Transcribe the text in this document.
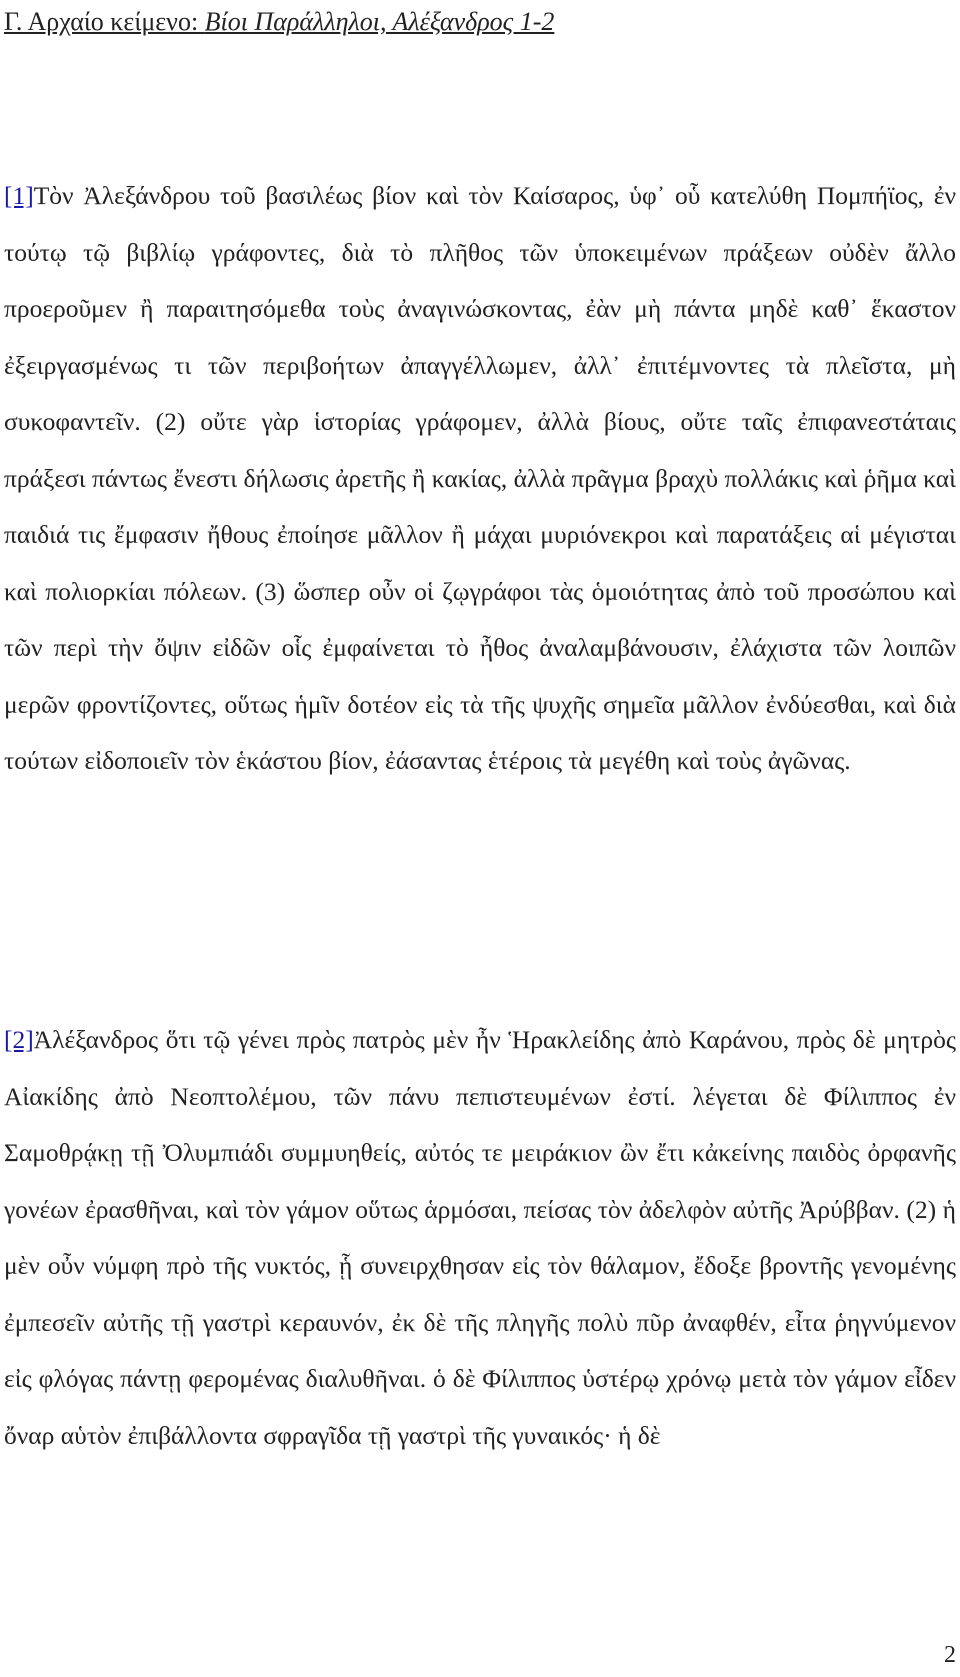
Γ. Αρχαίο κείμενο: Βίοι Παράλληλοι, Αλέξανδρος 1-2

[1]Τὸν Ἀλεξάνδρου τοῦ βασιλέως βίον καὶ τὸν Καίσαρος, ὑφ᾽ οὗ κατελύθη Πομπήϊος, ἐν τούτῳ τῷ βιβλίῳ γράφοντες, διὰ τὸ πλῆθος τῶν ὑποκειμένων πράξεων οὐδὲν ἄλλο προεροῦμεν ἢ παραιτησόμεθα τοὺς ἀναγινώσκοντας, ἐὰν μὴ πάντα μηδὲ καθ᾽ ἕκαστον ἐξειργασμένως τι τῶν περιβοήτων ἀπαγγέλλωμεν, ἀλλ᾽ ἐπιτέμνοντες τὰ πλεῖστα, μὴ συκοφαντεῖν. (2) οὔτε γὰρ ἱστορίας γράφομεν, ἀλλὰ βίους, οὔτε ταῖς ἐπιφανεστάταις πράξεσι πάντως ἔνεστι δήλωσις ἀρετῆς ἢ κακίας, ἀλλὰ πρᾶγμα βραχὺ πολλάκις καὶ ῥῆμα καὶ παιδιά τις ἔμφασιν ἤθους ἐποίησε μᾶλλον ἢ μάχαι μυριόνεκροι καὶ παρατάξεις αἱ μέγισται καὶ πολιορκίαι πόλεων. (3) ὥσπερ οὖν οἱ ζῳγράφοι τὰς ὁμοιότητας ἀπὸ τοῦ προσώπου καὶ τῶν περὶ τὴν ὄψιν εἰδῶν οἷς ἐμφαίνεται τὸ ἦθος ἀναλαμβάνουσιν, ἐλάχιστα τῶν λοιπῶν μερῶν φροντίζοντες, οὕτως ἡμῖν δοτέον εἰς τὰ τῆς ψυχῆς σημεῖα μᾶλλον ἐνδύεσθαι, καὶ διὰ τούτων εἰδοποιεῖν τὸν ἑκάστου βίον, ἐάσαντας ἑτέροις τὰ μεγέθη καὶ τοὺς ἀγῶνας.

[2]Ἀλέξανδρος ὅτι τῷ γένει πρὸς πατρὸς μὲν ἦν Ἡρακλείδης ἀπὸ Καράνου, πρὸς δὲ μητρὸς Αἰακίδης ἀπὸ Νεοπτολέμου, τῶν πάνυ πεπιστευμένων ἐστί. λέγεται δὲ Φίλιππος ἐν Σαμοθρᾴκῃ τῇ Ὀλυμπιάδι συμμυηθείς, αὐτός τε μειράκιον ὢν ἔτι κἀκείνης παιδὸς ὀρφανῆς γονέων ἐρασθῆναι, καὶ τὸν γάμον οὕτως ἁρμόσαι, πείσας τὸν ἀδελφὸν αὐτῆς Ἀρύββαν. (2) ἡ μὲν οὖν νύμφη πρὸ τῆς νυκτός, ᾗ συνειρχθησαν εἰς τὸν θάλαμον, ἔδοξε βροντῆς γενομένης ἐμπεσεῖν αὐτῆς τῇ γαστρὶ κεραυνόν, ἐκ δὲ τῆς πληγῆς πολὺ πῦρ ἀναφθέν, εἶτα ῥηγνύμενον εἰς φλόγας πάντῃ φερομένας διαλυθῆναι. ὁ δὲ Φίλιππος ὑστέρῳ χρόνῳ μετὰ τὸν γάμον εἶδεν ὄναρ αὑτὸν ἐπιβάλλοντα σφραγῖδα τῇ γαστρὶ τῆς γυναικός· ἡ δὲ

2
